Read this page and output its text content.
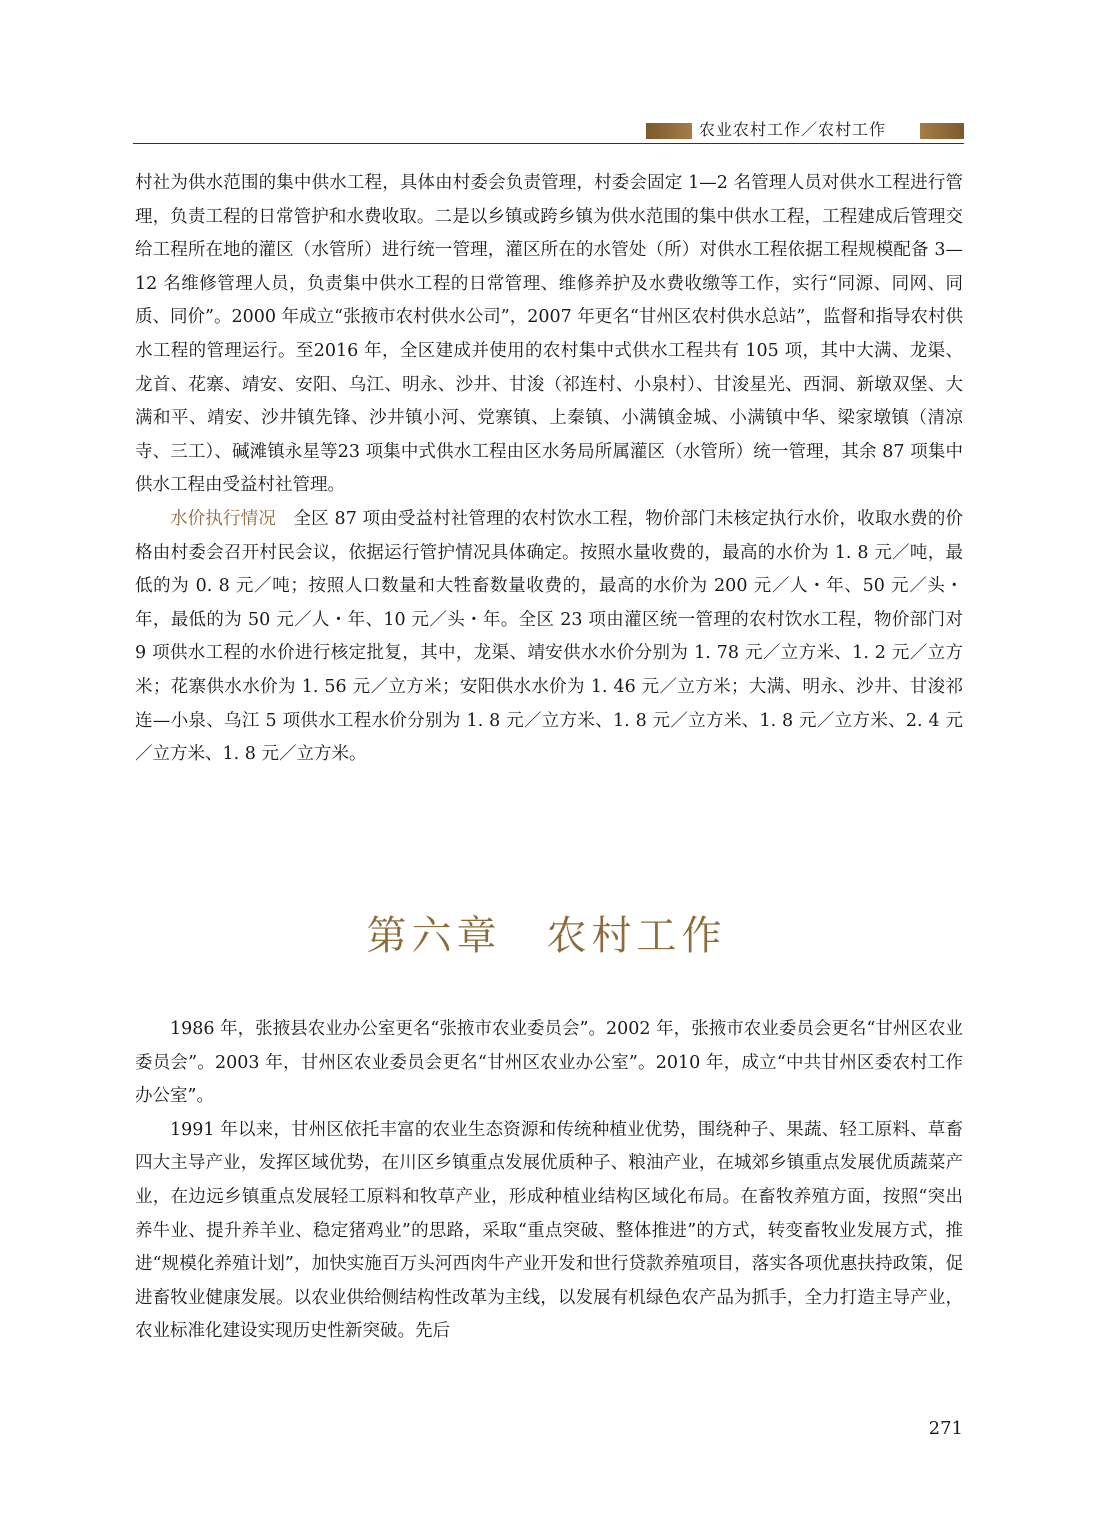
农业农村工作／农村工作

村社为供水范围的集中供水工程，具体由村委会负责管理，村委会固定 1—2 名管理人员对供水工程进行管理，负责工程的日常管护和水费收取。二是以乡镇或跨乡镇为供水范围的集中供水工程，工程建成后管理交给工程所在地的灌区（水管所）进行统一管理，灌区所在的水管处（所）对供水工程依据工程规模配备 3—12 名维修管理人员，负责集中供水工程的日常管理、维修养护及水费收缴等工作，实行“同源、同网、同质、同价”。2000 年成立“张掖市农村供水公司”，2007 年更名“甘州区农村供水总站”，监督和指导农村供水工程的管理运行。至2016 年，全区建成并使用的农村集中式供水工程共有 105 项，其中大满、龙渠、龙首、花寨、靖安、安阳、乌江、明永、沙井、甘浚（祁连村、小泉村）、甘浚星光、西洞、新墩双堡、大满和平、靖安、沙井镇先锋、沙井镇小河、党寨镇、上秦镇、小满镇金城、小满镇中华、梁家墩镇（清凉寺、三工）、碱滩镇永星等23 项集中式供水工程由区水务局所属灌区（水管所）统一管理，其余 87 项集中供水工程由受益村社管理。

水价执行情况 全区 87 项由受益村社管理的农村饮水工程，物价部门未核定执行水价，收取水费的价格由村委会召开村民会议，依据运行管护情况具体确定。按照水量收费的，最高的水价为 1. 8 元／吨，最低的为 0. 8 元／吨；按照人口数量和大牲畜数量收费的，最高的水价为 200 元／人・年、50 元／头・年，最低的为 50 元／人・年、10 元／头・年。全区 23 项由灌区统一管理的农村饮水工程，物价部门对 9 项供水工程的水价进行核定批复，其中，龙渠、靖安供水水价分别为 1. 78 元／立方米、1. 2 元／立方米；花寨供水水价为 1. 56 元／立方米；安阳供水水价为 1. 46 元／立方米；大满、明永、沙井、甘浚祁连—小泉、乌江 5 项供水工程水价分别为 1. 8 元／立方米、1. 8 元／立方米、1. 8 元／立方米、2. 4 元／立方米、1. 8 元／立方米。

第六章　农村工作

1986 年，张掖县农业办公室更名“张掖市农业委员会”。2002 年，张掖市农业委员会更名“甘州区农业委员会”。2003 年，甘州区农业委员会更名“甘州区农业办公室”。2010 年，成立“中共甘州区委农村工作办公室”。

1991 年以来，甘州区依托丰富的农业生态资源和传统种植业优势，围绕种子、果蔬、轻工原料、草畜四大主导产业，发挥区域优势，在川区乡镇重点发展优质种子、粮油产业，在城郊乡镇重点发展优质蔬菜产业，在边远乡镇重点发展轻工原料和牧草产业，形成种植业结构区域化布局。在畜牧养殖方面，按照“突出养牛业、提升养羊业、稳定猪鸡业”的思路，采取“重点突破、整体推进”的方式，转变畜牧业发展方式，推进“规模化养殖计划”，加快实施百万头河西肉牛产业开发和世行贷款养殖项目，落实各项优惠扶持政策，促进畜牧业健康发展。以农业供给侧结构性改革为主线，以发展有机绿色农产品为抓手，全力打造主导产业，农业标准化建设实现历史性新突破。先后

271
